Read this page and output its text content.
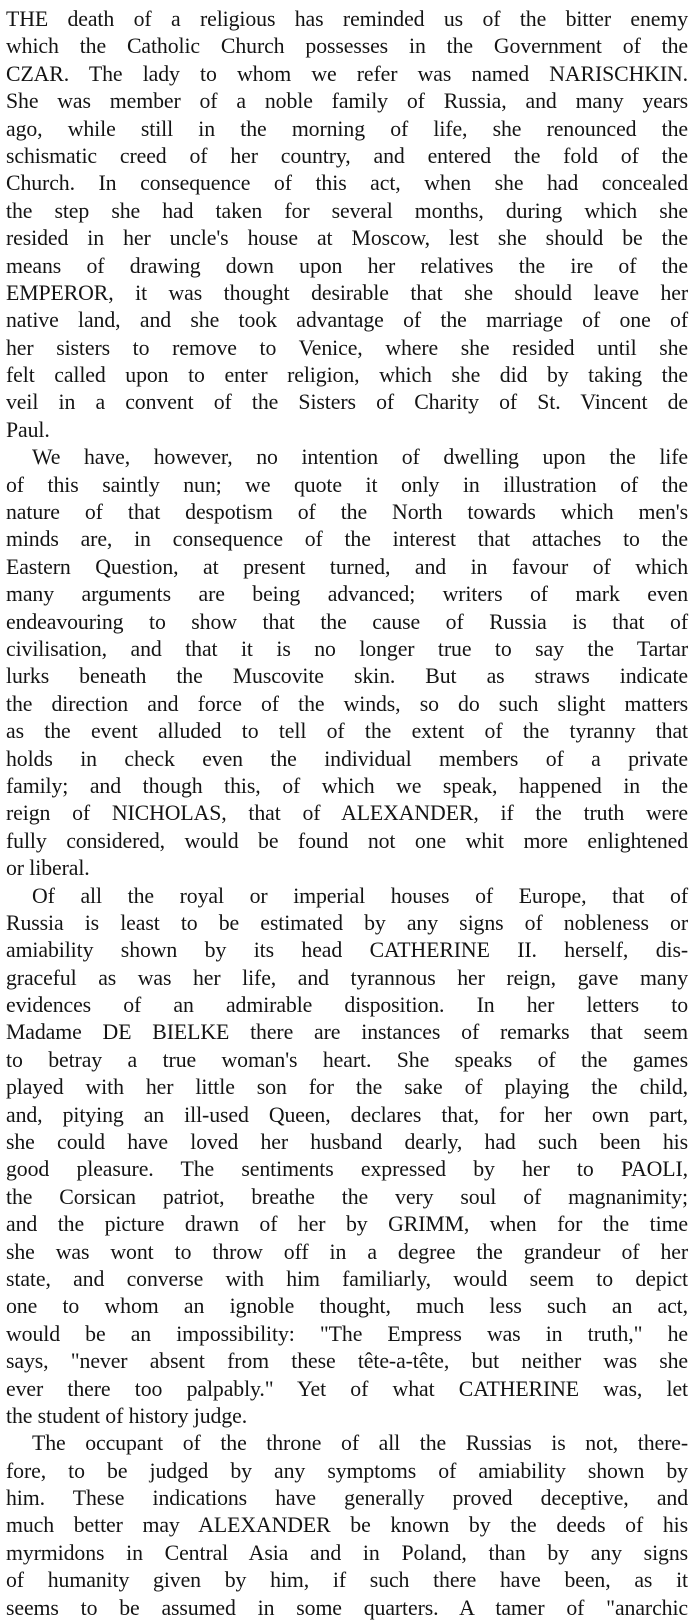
THE death of a religious has reminded us of the bitter enemy
which the Catholic Church possesses in the Government of the
CZAR. The lady to whom we refer was named NARISCHKIN.
She was member of a noble family of Russia, and many years
ago, while still in the morning of life, she renounced the
schismatic creed of her country, and entered the fold of the
Church. In consequence of this act, when she had concealed
the step she had taken for several months, during which she
resided in her uncle's house at Moscow, lest she should be the
means of drawing down upon her relatives the ire of the
EMPEROR, it was thought desirable that she should leave her
native land, and she took advantage of the marriage of one of
her sisters to remove to Venice, where she resided until she
felt called upon to enter religion, which she did by taking the
veil in a convent of the Sisters of Charity of St. Vincent de
Paul.
We have, however, no intention of dwelling upon the life
of this saintly nun; we quote it only in illustration of the
nature of that despotism of the North towards which men's
minds are, in consequence of the interest that attaches to the
Eastern Question, at present turned, and in favour of which
many arguments are being advanced; writers of mark even
endeavouring to show that the cause of Russia is that of
civilisation, and that it is no longer true to say the Tartar
lurks beneath the Muscovite skin. But as straws indicate
the direction and force of the winds, so do such slight matters
as the event alluded to tell of the extent of the tyranny that
holds in check even the individual members of a private
family; and though this, of which we speak, happened in the
reign of NICHOLAS, that of ALEXANDER, if the truth were
fully considered, would be found not one whit more enlightened
or liberal.
Of all the royal or imperial houses of Europe, that of
Russia is least to be estimated by any signs of nobleness or
amiability shown by its head CATHERINE II. herself, dis-
graceful as was her life, and tyrannous her reign, gave many
evidences of an admirable disposition. In her letters to
Madame DE BIELKE there are instances of remarks that seem
to betray a true woman's heart. She speaks of the games
played with her little son for the sake of playing the child,
and, pitying an ill-used Queen, declares that, for her own part,
she could have loved her husband dearly, had such been his
good pleasure. The sentiments expressed by her to PAOLI,
the Corsican patriot, breathe the very soul of magnanimity;
and the picture drawn of her by GRIMM, when for the time
she was wont to throw off in a degree the grandeur of her
state, and converse with him familiarly, would seem to depict
one to whom an ignoble thought, much less such an act,
would be an impossibility: "The Empress was in truth," he
says, "never absent from these tête-a-tête, but neither was she
ever there too palpably." Yet of what CATHERINE was, let
the student of history judge.
The occupant of the throne of all the Russias is not, there-
fore, to be judged by any symptoms of amiability shown by
him. These indications have generally proved deceptive, and
much better may ALEXANDER be known by the deeds of his
myrmidons in Central Asia and in Poland, than by any signs
of humanity given by him, if such there have been, as it
seems to be assumed in some quarters. A tamer of "anarchic
